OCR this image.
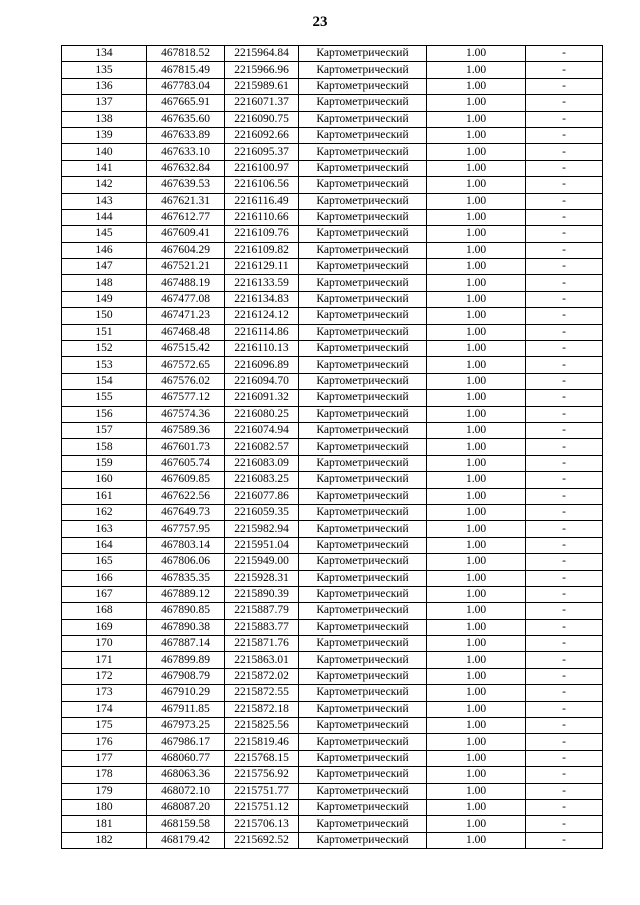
23
134	467818.52	2215964.84	Картометрический	1.00	-
135	467815.49	2215966.96	Картометрический	1.00	-
136	467783.04	2215989.61	Картометрический	1.00	-
137	467665.91	2216071.37	Картометрический	1.00	-
138	467635.60	2216090.75	Картометрический	1.00	-
139	467633.89	2216092.66	Картометрический	1.00	-
140	467633.10	2216095.37	Картометрический	1.00	-
141	467632.84	2216100.97	Картометрический	1.00	-
142	467639.53	2216106.56	Картометрический	1.00	-
143	467621.31	2216116.49	Картометрический	1.00	-
144	467612.77	2216110.66	Картометрический	1.00	-
145	467609.41	2216109.76	Картометрический	1.00	-
146	467604.29	2216109.82	Картометрический	1.00	-
147	467521.21	2216129.11	Картометрический	1.00	-
148	467488.19	2216133.59	Картометрический	1.00	-
149	467477.08	2216134.83	Картометрический	1.00	-
150	467471.23	2216124.12	Картометрический	1.00	-
151	467468.48	2216114.86	Картометрический	1.00	-
152	467515.42	2216110.13	Картометрический	1.00	-
153	467572.65	2216096.89	Картометрический	1.00	-
154	467576.02	2216094.70	Картометрический	1.00	-
155	467577.12	2216091.32	Картометрический	1.00	-
156	467574.36	2216080.25	Картометрический	1.00	-
157	467589.36	2216074.94	Картометрический	1.00	-
158	467601.73	2216082.57	Картометрический	1.00	-
159	467605.74	2216083.09	Картометрический	1.00	-
160	467609.85	2216083.25	Картометрический	1.00	-
161	467622.56	2216077.86	Картометрический	1.00	-
162	467649.73	2216059.35	Картометрический	1.00	-
163	467757.95	2215982.94	Картометрический	1.00	-
164	467803.14	2215951.04	Картометрический	1.00	-
165	467806.06	2215949.00	Картометрический	1.00	-
166	467835.35	2215928.31	Картометрический	1.00	-
167	467889.12	2215890.39	Картометрический	1.00	-
168	467890.85	2215887.79	Картометрический	1.00	-
169	467890.38	2215883.77	Картометрический	1.00	-
170	467887.14	2215871.76	Картометрический	1.00	-
171	467899.89	2215863.01	Картометрический	1.00	-
172	467908.79	2215872.02	Картометрический	1.00	-
173	467910.29	2215872.55	Картометрический	1.00	-
174	467911.85	2215872.18	Картометрический	1.00	-
175	467973.25	2215825.56	Картометрический	1.00	-
176	467986.17	2215819.46	Картометрический	1.00	-
177	468060.77	2215768.15	Картометрический	1.00	-
178	468063.36	2215756.92	Картометрический	1.00	-
179	468072.10	2215751.77	Картометрический	1.00	-
180	468087.20	2215751.12	Картометрический	1.00	-
181	468159.58	2215706.13	Картометрический	1.00	-
182	468179.42	2215692.52	Картометрический	1.00	-
